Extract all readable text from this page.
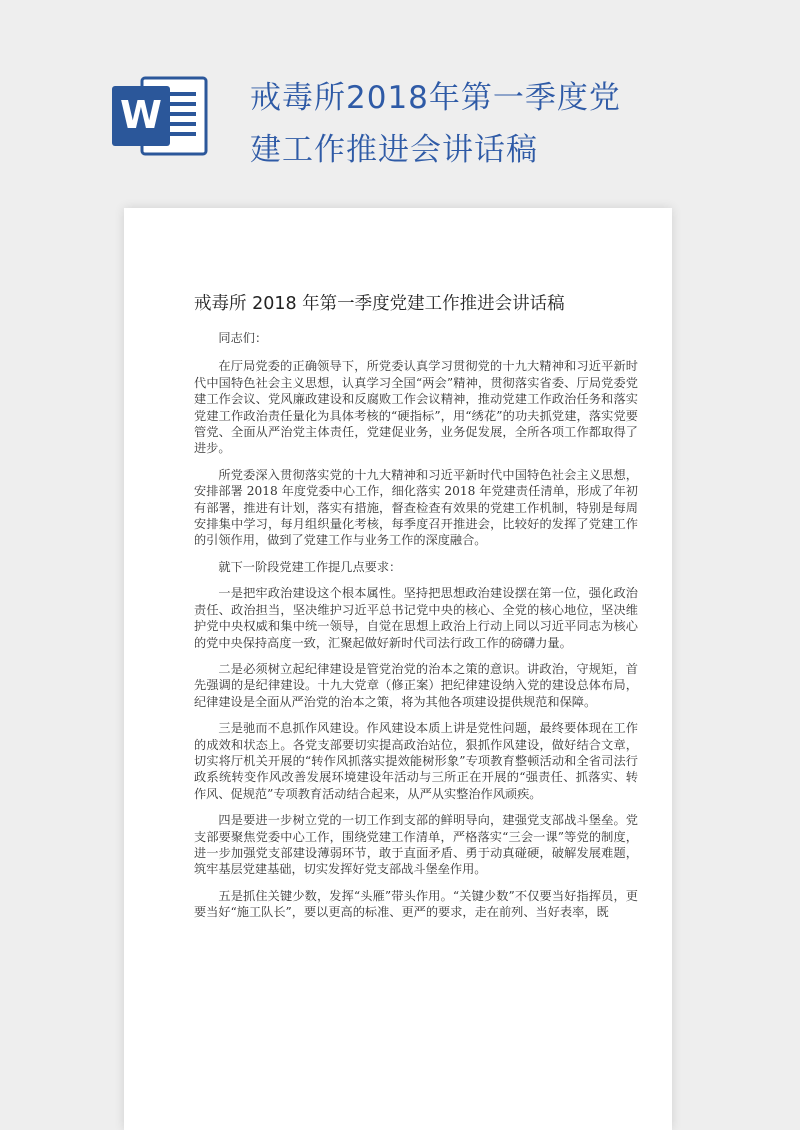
W	戒毒所2018年第一季度党
建工作推进会讲话稿
戒毒所 2018 年第一季度党建工作推进会讲话稿

同志们：

在厅局党委的正确领导下，所党委认真学习贯彻党的十九大精神和习近平新时代中国特色社会主义思想，认真学习全国“两会”精神，贯彻落实省委、厅局党委党建工作会议、党风廉政建设和反腐败工作会议精神，推动党建工作政治任务和落实党建工作政治责任量化为具体考核的“硬指标”，用“绣花”的功夫抓党建，落实党要管党、全面从严治党主体责任，党建促业务，业务促发展，全所各项工作都取得了进步。

所党委深入贯彻落实党的十九大精神和习近平新时代中国特色社会主义思想，安排部署 2018 年度党委中心工作，细化落实 2018 年党建责任清单，形成了年初有部署，推进有计划，落实有措施，督查检查有效果的党建工作机制，特别是每周安排集中学习，每月组织量化考核，每季度召开推进会，比较好的发挥了党建工作的引领作用，做到了党建工作与业务工作的深度融合。

就下一阶段党建工作提几点要求：

一是把牢政治建设这个根本属性。坚持把思想政治建设摆在第一位，强化政治责任、政治担当，坚决维护习近平总书记党中央的核心、全党的核心地位，坚决维护党中央权威和集中统一领导，自觉在思想上政治上行动上同以习近平同志为核心的党中央保持高度一致，汇聚起做好新时代司法行政工作的磅礴力量。

二是必须树立起纪律建设是管党治党的治本之策的意识。讲政治，守规矩，首先强调的是纪律建设。十九大党章（修正案）把纪律建设纳入党的建设总体布局，纪律建设是全面从严治党的治本之策，将为其他各项建设提供规范和保障。

三是驰而不息抓作风建设。作风建设本质上讲是党性问题，最终要体现在工作的成效和状态上。各党支部要切实提高政治站位，狠抓作风建设，做好结合文章，切实将厅机关开展的“转作风抓落实提效能树形象”专项教育整顿活动和全省司法行政系统转变作风改善发展环境建设年活动与三所正在开展的“强责任、抓落实、转作风、促规范”专项教育活动结合起来，从严从实整治作风顽疾。

四是要进一步树立党的一切工作到支部的鲜明导向，建强党支部战斗堡垒。党支部要聚焦党委中心工作，围绕党建工作清单，严格落实“三会一课”等党的制度，进一步加强党支部建设薄弱环节，敢于直面矛盾、勇于动真碰硬，破解发展难题，筑牢基层党建基础，切实发挥好党支部战斗堡垒作用。

五是抓住关键少数，发挥“头雁”带头作用。“关键少数”不仅要当好指挥员，更要当好“施工队长”，要以更高的标准、更严的要求，走在前列、当好表率，既
